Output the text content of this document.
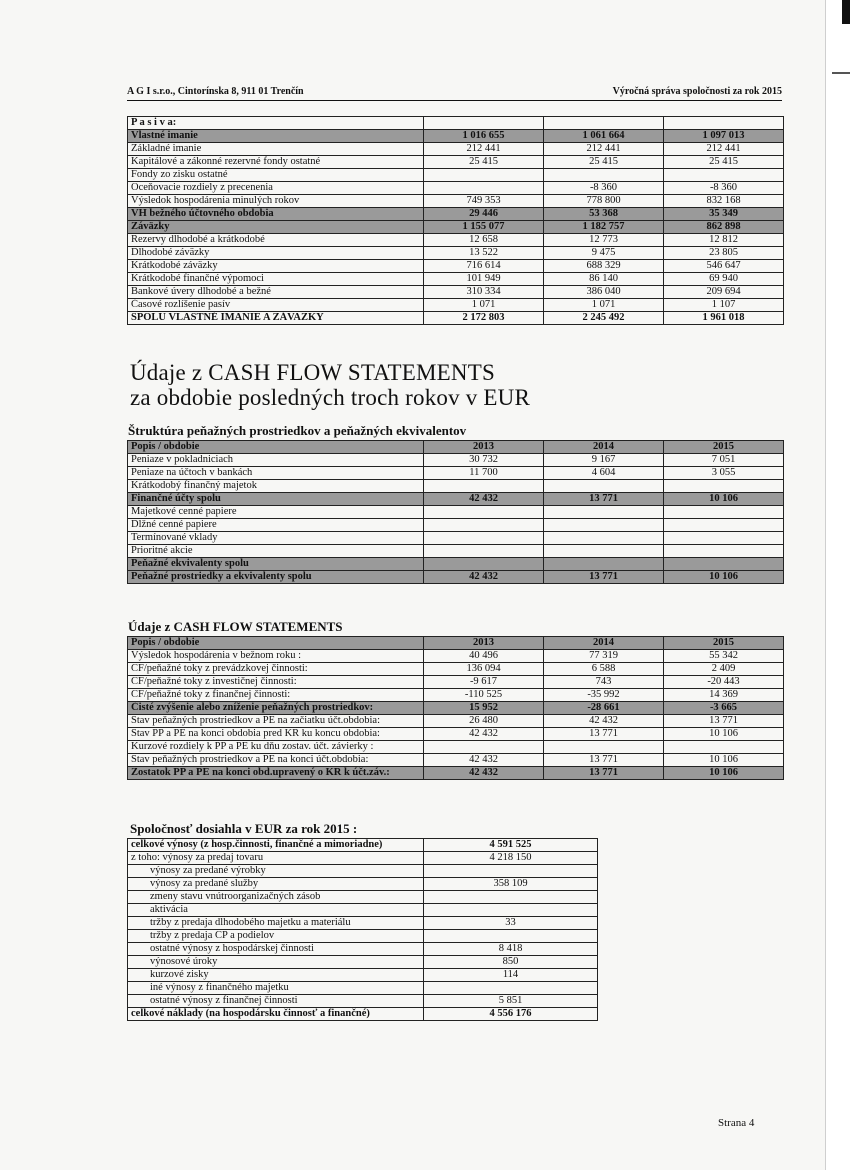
A G I s.r.o., Cintorínska 8, 911 01 Trenčín	Výročná správa spoločnosti za rok 2015
P a s i v a:			
Vlastné imanie	1 016 655	1 061 664	1 097 013
Základné imanie	212 441	212 441	212 441
Kapitálové a zákonné rezervné fondy ostatné	25 415	25 415	25 415
Fondy zo zisku ostatné			
Oceňovacie rozdiely z precenenia		-8 360	-8 360
Výsledok hospodárenia minulých rokov	749 353	778 800	832 168
VH bežného účtovného obdobia	29 446	53 368	35 349
Záväzky	1 155 077	1 182 757	862 898
Rezervy dlhodobé a krátkodobé	12 658	12 773	12 812
Dlhodobé záväzky	13 522	9 475	23 805
Krátkodobé záväzky	716 614	688 329	546 647
Krátkodobé finančné výpomoci	101 949	86 140	69 940
Bankové úvery dlhodobé a bežné	310 334	386 040	209 694
Časové rozlíšenie pasív	1 071	1 071	1 107
SPOLU VLASTNÉ IMANIE A ZÁVAZKY	2 172 803	2 245 492	1 961 018
Údaje z CASH FLOW STATEMENTS
za obdobie posledných troch rokov v EUR
Štruktúra peňažných prostriedkov a peňažných ekvivalentov
Popis / obdobie	2013	2014	2015
Peniaze v pokladniciach	30 732	9 167	7 051
Peniaze na účtoch v bankách	11 700	4 604	3 055
Krátkodobý finančný majetok			
Finančné účty spolu	42 432	13 771	10 106
Majetkové cenné papiere			
Dlžné cenné papiere			
Termínované vklady			
Prioritné akcie			
Peňažné ekvivalenty spolu			
Peňažné prostriedky a ekvivalenty spolu	42 432	13 771	10 106
Údaje z CASH FLOW STATEMENTS
Popis / obdobie	2013	2014	2015
Výsledok hospodárenia v bežnom roku :	40 496	77 319	55 342
CF/peňažné toky z prevádzkovej činnosti:	136 094	6 588	2 409
CF/peňažné toky z investičnej činnosti:	-9 617	743	-20 443
CF/peňažné toky z finančnej činnosti:	-110 525	-35 992	14 369
Čisté zvýšenie alebo zníženie peňažných prostriedkov:	15 952	-28 661	-3 665
Stav peňažných prostriedkov a PE na začiatku účt.obdobia:	26 480	42 432	13 771
Stav PP a PE na konci obdobia pred KR ku koncu obdobia:	42 432	13 771	10 106
Kurzové rozdiely k PP a PE ku dňu zostav. účt. závierky :			
Stav peňažných prostriedkov a PE na konci účt.obdobia:	42 432	13 771	10 106
Zostatok PP a PE na konci obd.upravený o KR k účt.záv.:	42 432	13 771	10 106
Spoločnosť dosiahla v EUR za rok 2015 :
celkové výnosy (z hosp.činnosti, finančné a mimoriadne)	4 591 525
z toho: výnosy za predaj tovaru	4 218 150
výnosy za predané výrobky	
výnosy za predané služby	358 109
zmeny stavu vnútroorganizačných zásob	
aktivácia	
tržby z predaja dlhodobého majetku a materiálu	33
tržby z predaja CP a podielov	
ostatné výnosy z hospodárskej činnosti	8 418
výnosové úroky	850
kurzové zisky	114
iné výnosy z finančného majetku	
ostatné výnosy z finančnej činnosti	5 851
celkové náklady (na hospodársku činnosť a finančné)	4 556 176
Strana 4
